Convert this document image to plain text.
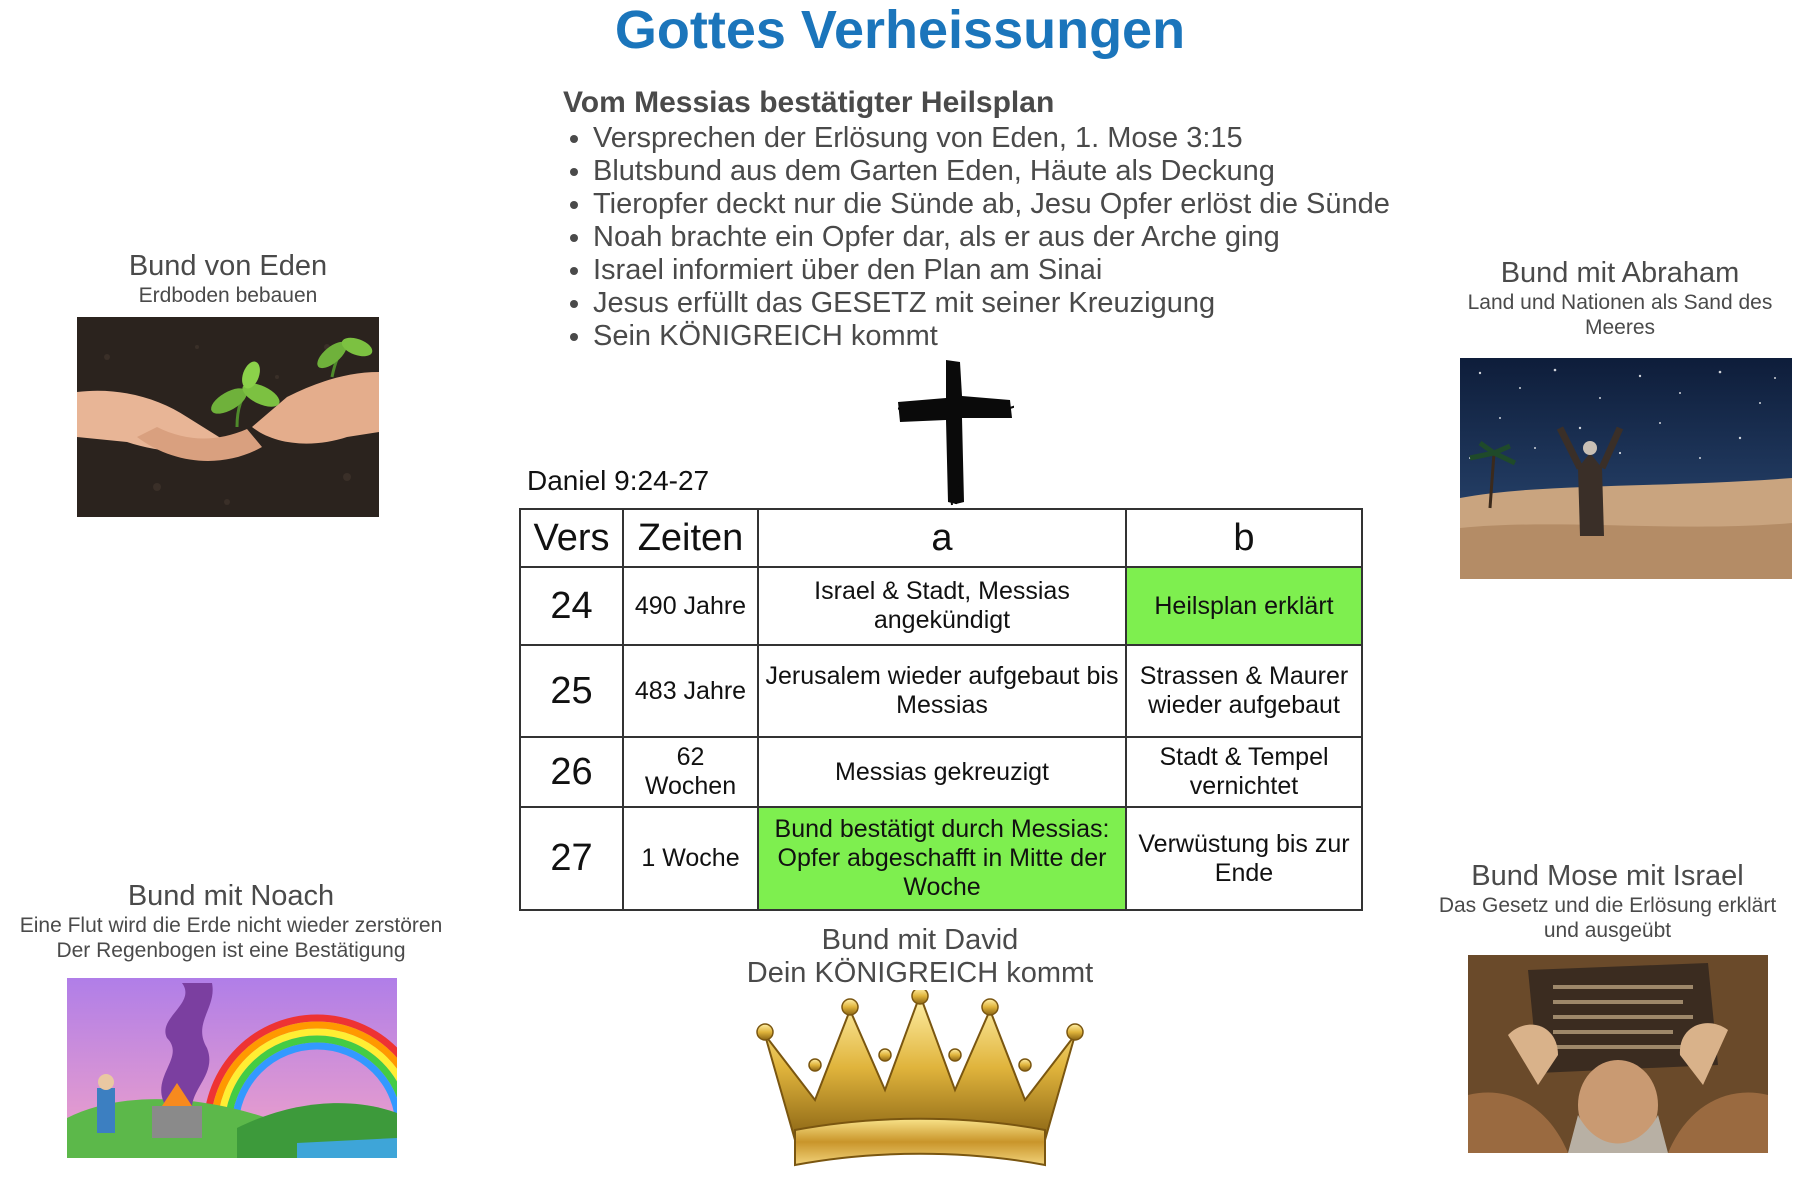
Gottes Verheissungen
Vom Messias bestätigter Heilsplan
• Versprechen der Erlösung von Eden, 1. Mose 3:15
• Blutsbund aus dem Garten Eden, Häute als Deckung
• Tieropfer deckt nur die Sünde ab, Jesu Opfer erlöst die Sünde
• Noah brachte ein Opfer dar, als er aus der Arche ging
• Israel informiert über den Plan am Sinai
• Jesus erfüllt das GESETZ mit seiner Kreuzigung
• Sein KÖNIGREICH kommt
Bund von Eden
Erdboden bebauen
Bund mit Abraham
Land und Nationen als Sand des Meeres
Bund mit Noach
Eine Flut wird die Erde nicht wieder zerstören
Der Regenbogen ist eine Bestätigung
Bund Mose mit Israel
Das Gesetz und die Erlösung erklärt und ausgeübt
Daniel 9:24-27
Vers	Zeiten	a	b
24	490 Jahre	Israel & Stadt, Messias angekündigt	Heilsplan erklärt
25	483 Jahre	Jerusalem wieder aufgebaut bis Messias	Strassen & Maurer wieder aufgebaut
26	62 Wochen	Messias gekreuzigt	Stadt & Tempel vernichtet
27	1 Woche	Bund bestätigt durch Messias: Opfer abgeschafft in Mitte der Woche	Verwüstung bis zur Ende
Bund mit David
Dein KÖNIGREICH kommt
